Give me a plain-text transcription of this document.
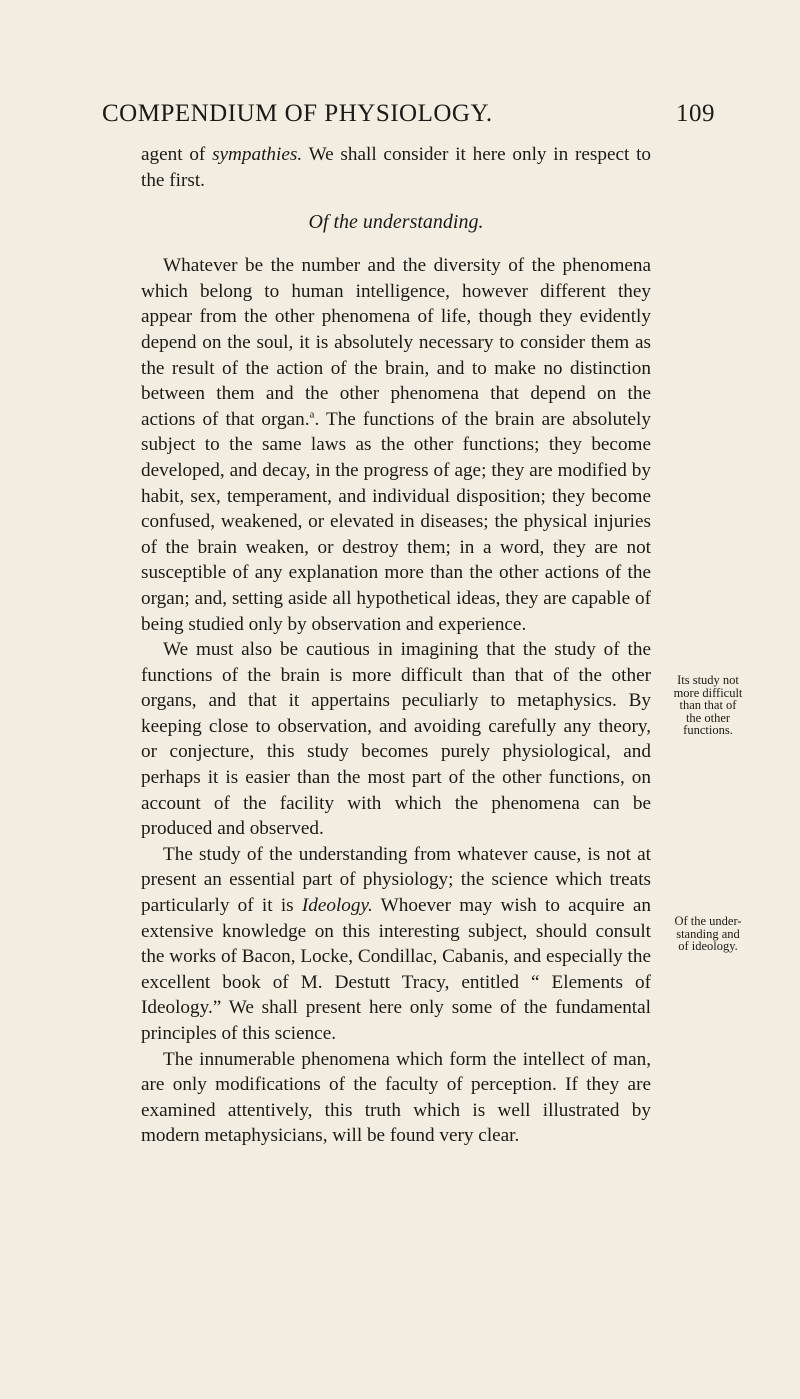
COMPENDIUM OF PHYSIOLOGY.	109

agent of sympathies. We shall consider it here only in respect to the first.

Of the understanding.

Whatever be the number and the diversity of the phenomena which belong to human intelligence, however different they appear from the other phenomena of life, though they evidently depend on the soul, it is absolutely necessary to consider them as the result of the action of the brain, and to make no distinction between them and the other phenomena that depend on the actions of that organ.$^a$. The functions of the brain are absolutely subject to the same laws as the other functions; they become developed, and decay, in the progress of age; they are modified by habit, sex, temperament, and individual disposition; they become confused, weakened, or elevated in diseases; the physical injuries of the brain weaken, or destroy them; in a word, they are not susceptible of any explanation more than the other actions of the organ; and, setting aside all hypothetical ideas, they are capable of being studied only by observation and experience.

We must also be cautious in imagining that the study of the functions of the brain is more difficult than that of the other organs, and that it appertains peculiarly to metaphysics. By keeping close to observation, and avoiding carefully any theory, or conjecture, this study becomes purely physiological, and perhaps it is easier than the most part of the other functions, on account of the facility with which the phenomena can be produced and observed.

The study of the understanding from whatever cause, is not at present an essential part of physiology; the science which treats particularly of it is Ideology. Whoever may wish to acquire an extensive knowledge on this interesting subject, should consult the works of Bacon, Locke, Condillac, Cabanis, and especially the excellent book of M. Destutt Tracy, entitled “ Elements of Ideology.” We shall present here only some of the fundamental principles of this science.

The innumerable phenomena which form the intellect of man, are only modifications of the faculty of perception. If they are examined attentively, this truth which is well illustrated by modern metaphysicians, will be found very clear.

Its study not
more difficult
than that of
the other
functions.
Of the under-
standing and
of ideology.
